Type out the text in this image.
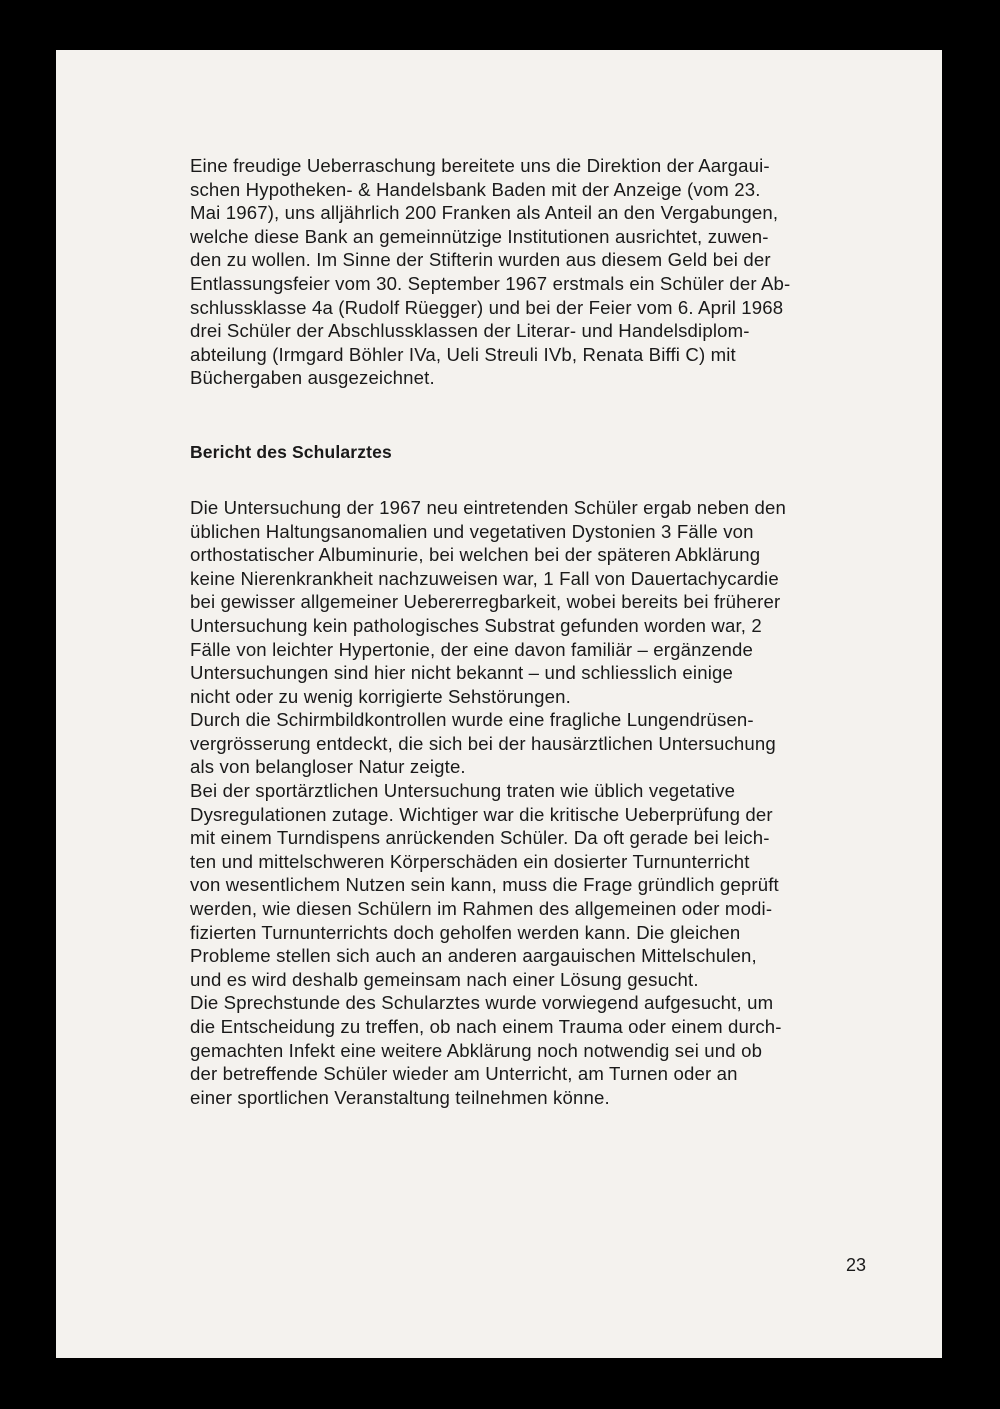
Eine freudige Ueberraschung bereitete uns die Direktion der Aargaui-
schen Hypotheken- & Handelsbank Baden mit der Anzeige (vom 23.
Mai 1967), uns alljährlich 200 Franken als Anteil an den Vergabungen,
welche diese Bank an gemeinnützige Institutionen ausrichtet, zuwen-
den zu wollen. Im Sinne der Stifterin wurden aus diesem Geld bei der
Entlassungsfeier vom 30. September 1967 erstmals ein Schüler der Ab-
schlussklasse 4a (Rudolf Rüegger) und bei der Feier vom 6. April 1968
drei Schüler der Abschlussklassen der Literar- und Handelsdiplom-
abteilung (Irmgard Böhler IVa, Ueli Streuli IVb, Renata Biffi C) mit
Büchergaben ausgezeichnet.

Bericht des Schularztes

Die Untersuchung der 1967 neu eintretenden Schüler ergab neben den
üblichen Haltungsanomalien und vegetativen Dystonien 3 Fälle von
orthostatischer Albuminurie, bei welchen bei der späteren Abklärung
keine Nierenkrankheit nachzuweisen war, 1 Fall von Dauertachycardie
bei gewisser allgemeiner Uebererregbarkeit, wobei bereits bei früherer
Untersuchung kein pathologisches Substrat gefunden worden war, 2
Fälle von leichter Hypertonie, der eine davon familiär – ergänzende
Untersuchungen sind hier nicht bekannt – und schliesslich einige
nicht oder zu wenig korrigierte Sehstörungen.

Durch die Schirmbildkontrollen wurde eine fragliche Lungendrüsen-
vergrösserung entdeckt, die sich bei der hausärztlichen Untersuchung
als von belangloser Natur zeigte.

Bei der sportärztlichen Untersuchung traten wie üblich vegetative
Dysregulationen zutage. Wichtiger war die kritische Ueberprüfung der
mit einem Turndispens anrückenden Schüler. Da oft gerade bei leich-
ten und mittelschweren Körperschäden ein dosierter Turnunterricht
von wesentlichem Nutzen sein kann, muss die Frage gründlich geprüft
werden, wie diesen Schülern im Rahmen des allgemeinen oder modi-
fizierten Turnunterrichts doch geholfen werden kann. Die gleichen
Probleme stellen sich auch an anderen aargauischen Mittelschulen,
und es wird deshalb gemeinsam nach einer Lösung gesucht.

Die Sprechstunde des Schularztes wurde vorwiegend aufgesucht, um
die Entscheidung zu treffen, ob nach einem Trauma oder einem durch-
gemachten Infekt eine weitere Abklärung noch notwendig sei und ob
der betreffende Schüler wieder am Unterricht, am Turnen oder an
einer sportlichen Veranstaltung teilnehmen könne.

23
